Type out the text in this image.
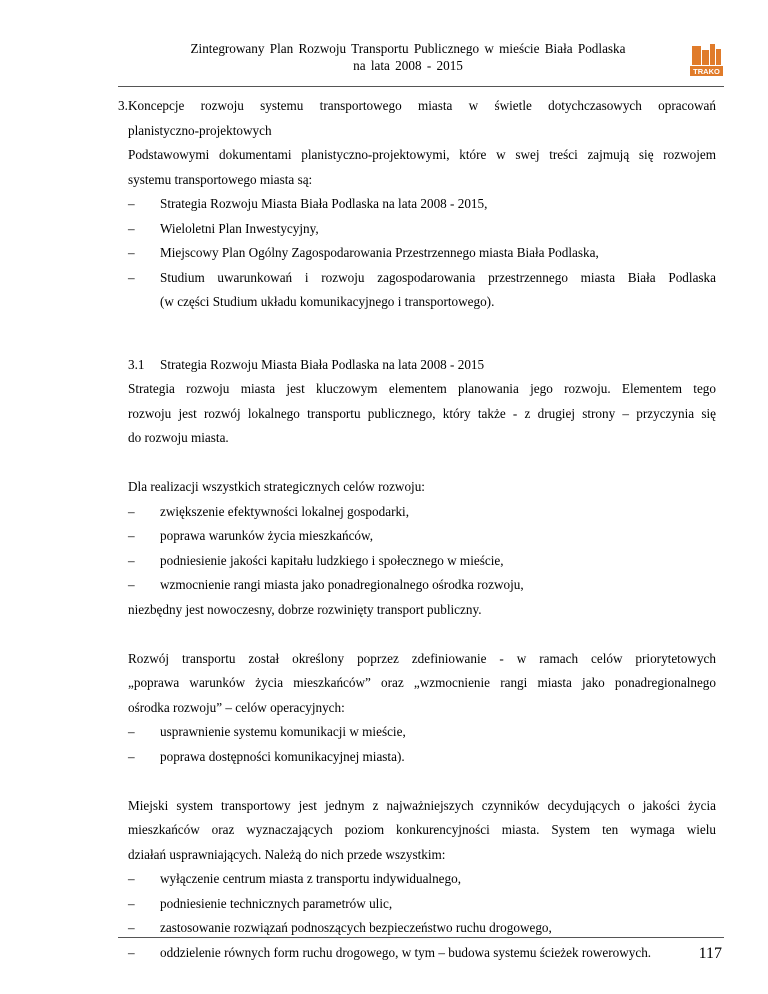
Zintegrowany Plan Rozwoju Transportu Publicznego w mieście Biała Podlaska
na lata 2008 - 2015	TRAKO
3. Koncepcje rozwoju systemu transportowego miasta w świetle dotychczasowych opracowań
planistyczno-projektowych
Podstawowymi dokumentami planistyczno-projektowymi, które w swej treści zajmują się rozwojem
systemu transportowego miasta są:
– Strategia Rozwoju Miasta Biała Podlaska na lata 2008 - 2015,
– Wieloletni Plan Inwestycyjny,
– Miejscowy Plan Ogólny Zagospodarowania Przestrzennego miasta Biała Podlaska,
– Studium uwarunkowań i rozwoju zagospodarowania przestrzennego miasta Biała Podlaska
(w części Studium układu komunikacyjnego i transportowego).
3.1 Strategia Rozwoju Miasta Biała Podlaska na lata 2008 - 2015
Strategia rozwoju miasta jest kluczowym elementem planowania jego rozwoju. Elementem tego
rozwoju jest rozwój lokalnego transportu publicznego, który także - z drugiej strony – przyczynia się
do rozwoju miasta.
Dla realizacji wszystkich strategicznych celów rozwoju:
– zwiększenie efektywności lokalnej gospodarki,
– poprawa warunków życia mieszkańców,
– podniesienie jakości kapitału ludzkiego i społecznego w mieście,
– wzmocnienie rangi miasta jako ponadregionalnego ośrodka rozwoju,
niezbędny jest nowoczesny, dobrze rozwinięty transport publiczny.
Rozwój transportu został określony poprzez zdefiniowanie - w ramach celów priorytetowych
„poprawa warunków życia mieszkańców” oraz „wzmocnienie rangi miasta jako ponadregionalnego
ośrodka rozwoju” – celów operacyjnych:
– usprawnienie systemu komunikacji w mieście,
– poprawa dostępności komunikacyjnej miasta).
Miejski system transportowy jest jednym z najważniejszych czynników decydujących o jakości życia
mieszkańców oraz wyznaczających poziom konkurencyjności miasta. System ten wymaga wielu
działań usprawniających. Należą do nich przede wszystkim:
– wyłączenie centrum miasta z transportu indywidualnego,
– podniesienie technicznych parametrów ulic,
– zastosowanie rozwiązań podnoszących bezpieczeństwo ruchu drogowego,
– oddzielenie równych form ruchu drogowego, w tym – budowa systemu ścieżek rowerowych.	117
